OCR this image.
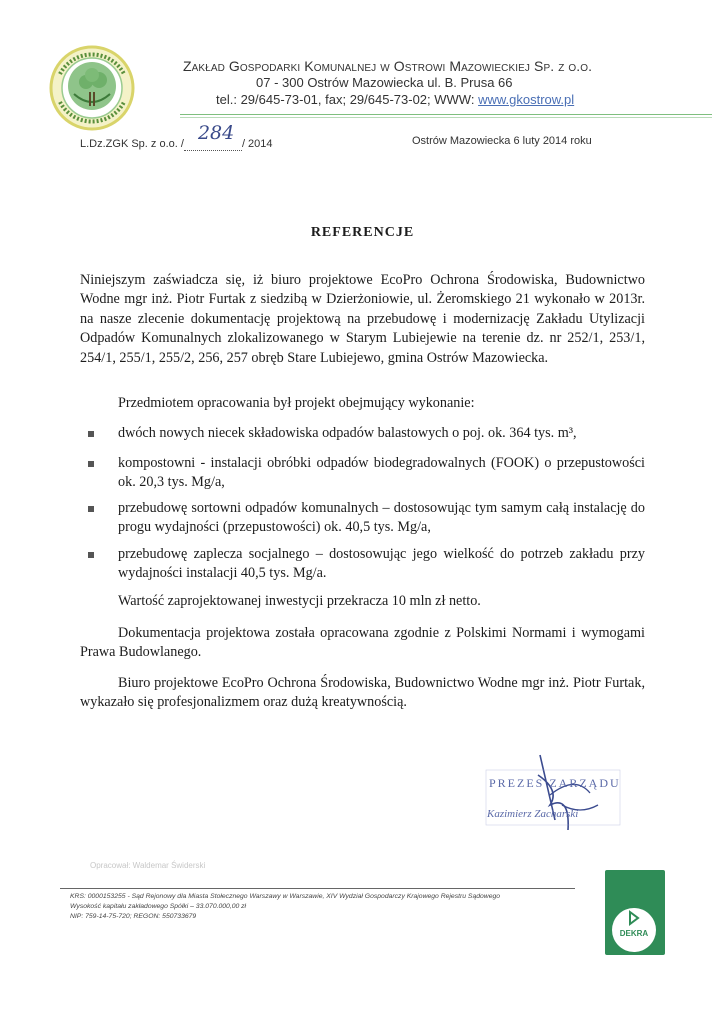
Zakład Gospodarki Komunalnej w Ostrowi Mazowieckiej Sp. z o.o.
07 - 300 Ostrów Mazowiecka ul. B. Prusa 66
tel.: 29/645-73-01, fax; 29/645-73-02; WWW: www.gkostrow.pl
L.Dz.ZGK Sp. z o.o. / 284 / 2014	Ostrów Mazowiecka 6 luty 2014 roku
REFERENCJE
Niniejszym zaświadcza się, iż biuro projektowe EcoPro Ochrona Środowiska, Budownictwo Wodne mgr inż. Piotr Furtak z siedzibą w Dzierżoniowie, ul. Żeromskiego 21 wykonało w 2013r. na nasze zlecenie dokumentację projektową na przebudowę i modernizację Zakładu Utylizacji Odpadów Komunalnych zlokalizowanego w Starym Lubiejewie na terenie dz. nr 252/1, 253/1, 254/1, 255/1, 255/2, 256, 257 obręb Stare Lubiejewo, gmina Ostrów Mazowiecka.
Przedmiotem opracowania był projekt obejmujący wykonanie:
dwóch nowych niecek składowiska odpadów balastowych o poj. ok. 364 tys. m³,
kompostowni - instalacji obróbki odpadów biodegradowalnych (FOOK) o przepustowości ok. 20,3 tys. Mg/a,
przebudowę sortowni odpadów komunalnych – dostosowując tym samym całą instalację do progu wydajności (przepustowości) ok. 40,5 tys. Mg/a,
przebudowę zaplecza socjalnego – dostosowując jego wielkość do potrzeb zakładu przy wydajności instalacji 40,5 tys. Mg/a.
Wartość zaprojektowanej inwestycji przekracza 10 mln zł netto.
Dokumentacja projektowa została opracowana zgodnie z Polskimi Normami i wymogami Prawa Budowlanego.
Biuro projektowe EcoPro Ochrona Środowiska, Budownictwo Wodne mgr inż. Piotr Furtak, wykazało się profesjonalizmem oraz dużą kreatywnością.
PREZES ZARZĄDU
Kazimierz Zacharski
Opracował: Waldemar Świderski
KRS: 0000153255 - Sąd Rejonowy dla Miasta Stołecznego Warszawy w Warszawie, XIV Wydział Gospodarczy Krajowego Rejestru Sądowego
Wysokość kapitału zakładowego Spółki – 33.070.000,00 zł
NIP: 759-14-75-720; REGON: 550733679
DEKRA
